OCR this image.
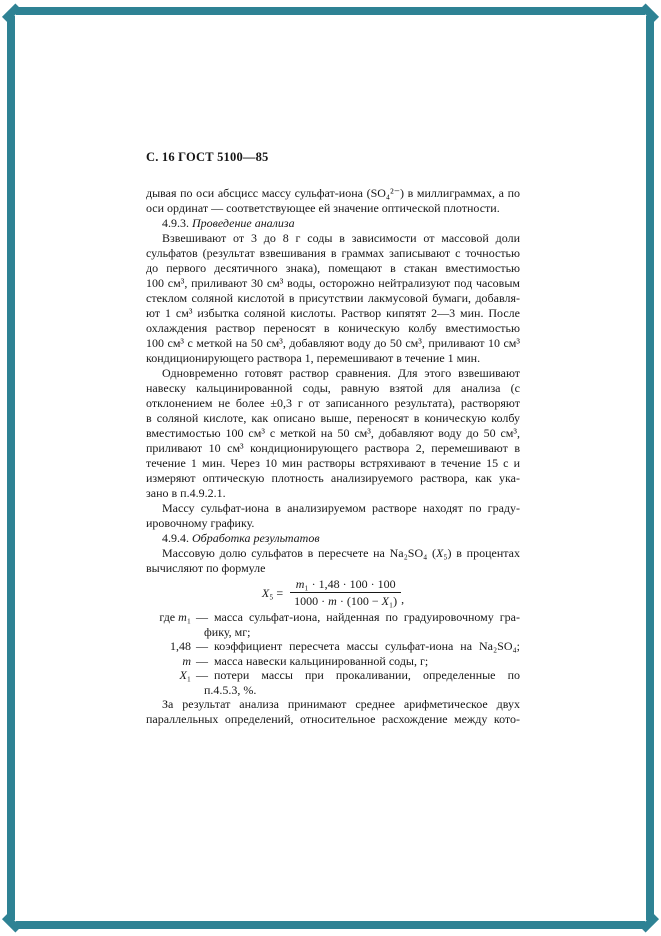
С. 16 ГОСТ 5100—85
дывая по оси абсцисс массу сульфат-иона (SO₄²⁻) в миллиграммах, а по
оси ординат — соответствующее ей значение оптической плотности.
4.9.3. Проведение анализа
Взвешивают от 3 до 8 г соды в зависимости от массовой доли
сульфатов (результат взвешивания в граммах записывают с точностью
до первого десятичного знака), помещают в стакан вместимостью
100 см³, приливают 30 см³ воды, осторожно нейтрализуют под часовым
стеклом соляной кислотой в присутствии лакмусовой бумаги, добавля-
ют 1 см³ избытка соляной кислоты. Раствор кипятят 2—3 мин. После
охлаждения раствор переносят в коническую колбу вместимостью
100 см³ с меткой на 50 см³, добавляют воду до 50 см³, приливают 10 см³
кондиционирующего раствора 1, перемешивают в течение 1 мин.
Одновременно готовят раствор сравнения. Для этого взвешивают
навеску кальцинированной соды, равную взятой для анализа (с
отклонением не более ±0,3 г от записанного результата), растворяют
в соляной кислоте, как описано выше, переносят в коническую колбу
вместимостью 100 см³ с меткой на 50 см³, добавляют воду до 50 см³,
приливают 10 см³ кондиционирующего раствора 2, перемешивают в
течение 1 мин. Через 10 мин растворы встряхивают в течение 15 с и
измеряют оптическую плотность анализируемого раствора, как ука-
зано в п.4.9.2.1.
Массу сульфат-иона в анализируемом растворе находят по граду-
ировочному графику.
4.9.4. Обработка результатов
Массовую долю сульфатов в пересчете на Na₂SO₄ (X₅) в процентах
вычисляют по формуле
$X_5 = \frac{\text{m₁ · 1,48 · 100 · 100}}{\text{1000 · m · (100 − X₁)}}$ ,
где m₁ — масса сульфат-иона, найденная по градуировочному гра-
фику, мг;
1,48 — коэффициент пересчета массы сульфат-иона на Na₂SO₄;
m — масса навески кальцинированной соды, г;
X₁ — потери массы при прокаливании, определенные по
п.4.5.3, %.
За результат анализа принимают среднее арифметическое двух
параллельных определений, относительное расхождение между кото-
